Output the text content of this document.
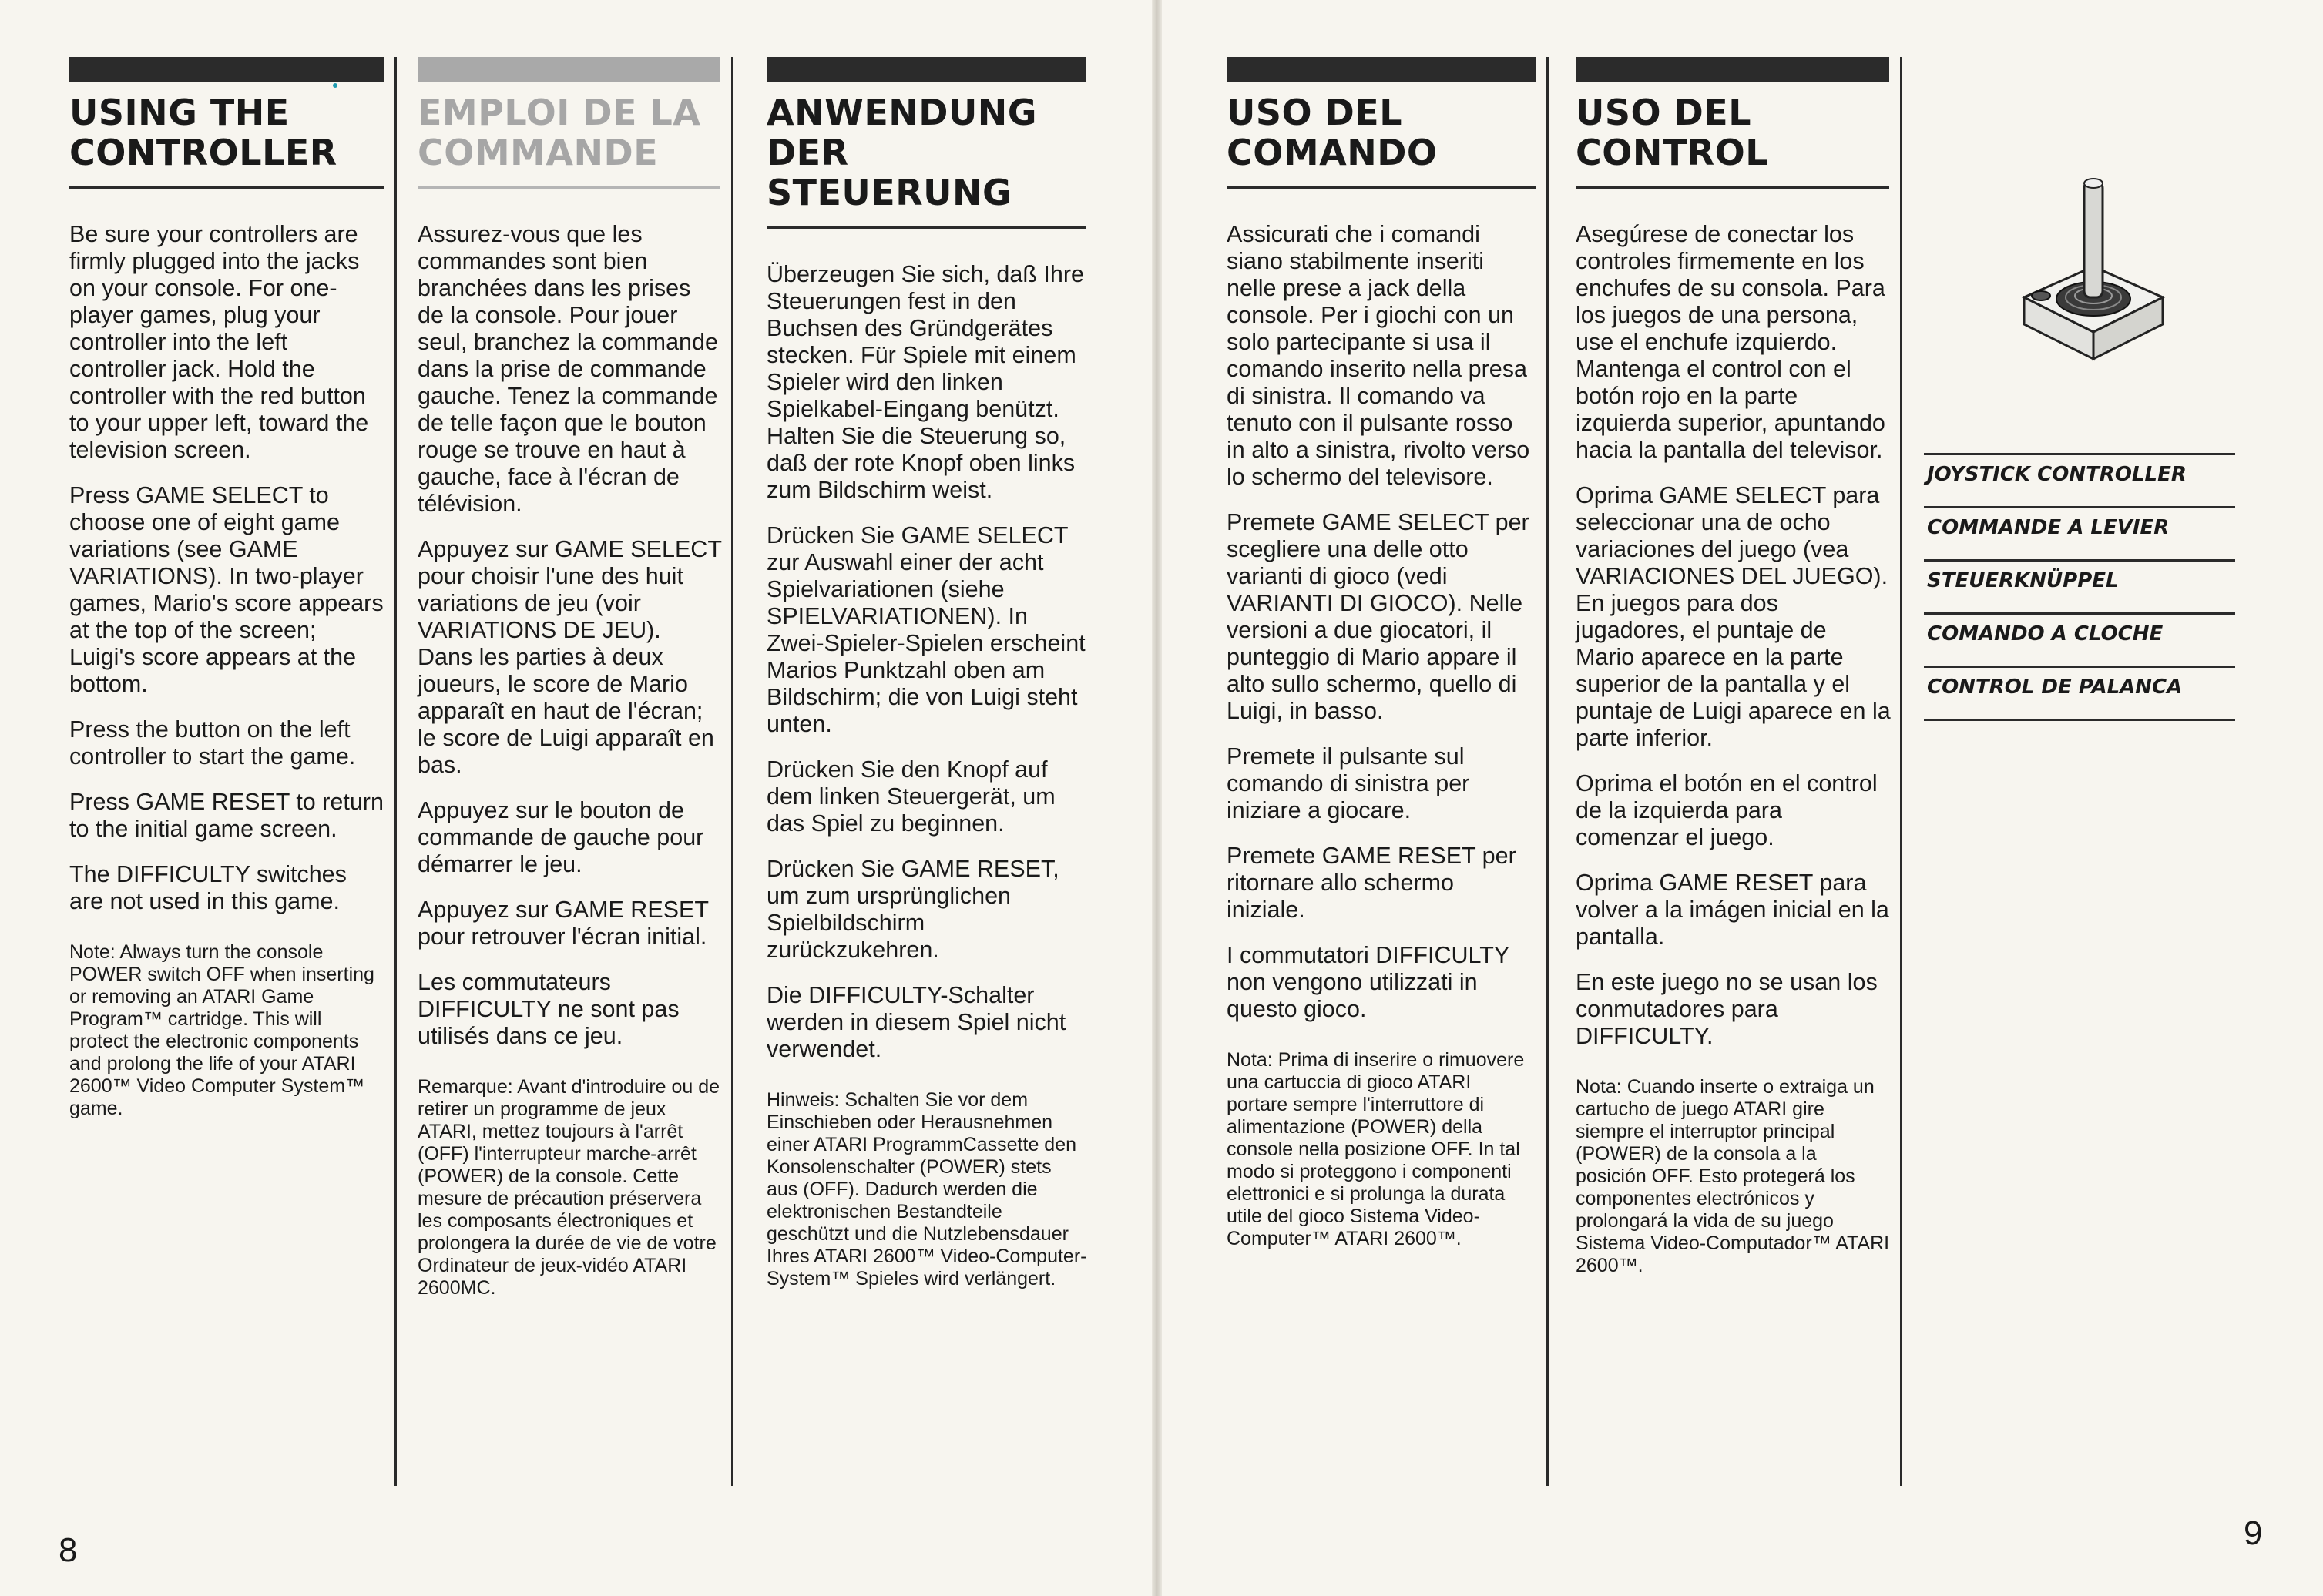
USING THE
CONTROLLER

Be sure your controllers are firmly plugged into the jacks on your console. For one-player games, plug your controller into the left controller jack. Hold the controller with the red button to your upper left, toward the television screen.

Press GAME SELECT to choose one of eight game variations (see GAME VARIATIONS). In two-player games, Mario's score appears at the top of the screen; Luigi's score appears at the bottom.

Press the button on the left controller to start the game.

Press GAME RESET to return to the initial game screen.

The DIFFICULTY switches are not used in this game.

Note: Always turn the console POWER switch OFF when inserting or removing an ATARI Game Program™ cartridge. This will protect the electronic components and prolong the life of your ATARI 2600™ Video Computer System™ game.

EMPLOI DE LA
COMMANDE

Assurez-vous que les commandes sont bien branchées dans les prises de la console. Pour jouer seul, branchez la commande dans la prise de commande gauche. Tenez la commande de telle façon que le bouton rouge se trouve en haut à gauche, face à l'écran de télévision.

Appuyez sur GAME SELECT pour choisir l'une des huit variations de jeu (voir VARIATIONS DE JEU). Dans les parties à deux joueurs, le score de Mario apparaît en haut de l'écran; le score de Luigi apparaît en bas.

Appuyez sur le bouton de commande de gauche pour démarrer le jeu.

Appuyez sur GAME RESET pour retrouver l'écran initial.

Les commutateurs DIFFICULTY ne sont pas utilisés dans ce jeu.

Remarque: Avant d'introduire ou de retirer un programme de jeux ATARI, mettez toujours à l'arrêt (OFF) l'interrupteur marche-arrêt (POWER) de la console. Cette mesure de précaution préservera les composants électroniques et prolongera la durée de vie de votre Ordinateur de jeux-vidéo ATARI 2600MC.

ANWENDUNG
DER STEUERUNG

Überzeugen Sie sich, daß Ihre Steuerungen fest in den Buchsen des Gründgerätes stecken. Für Spiele mit einem Spieler wird den linken Spielkabel-Eingang benützt. Halten Sie die Steuerung so, daß der rote Knopf oben links zum Bildschirm weist.

Drücken Sie GAME SELECT zur Auswahl einer der acht Spielvariationen (siehe SPIELVARIATIONEN). In Zwei-Spieler-Spielen erscheint Marios Punktzahl oben am Bildschirm; die von Luigi steht unten.

Drücken Sie den Knopf auf dem linken Steuergerät, um das Spiel zu beginnen.

Drücken Sie GAME RESET, um zum ursprünglichen Spielbildschirm zurückzukehren.

Die DIFFICULTY-Schalter werden in diesem Spiel nicht verwendet.

Hinweis: Schalten Sie vor dem Einschieben oder Herausnehmen einer ATARI ProgrammCassette den Konsolenschalter (POWER) stets aus (OFF). Dadurch werden die elektronischen Bestandteile geschützt und die Nutzlebensdauer Ihres ATARI 2600™ Video-Computer-System™ Spieles wird verlängert.

8
USO DEL
COMANDO

Assicurati che i comandi siano stabilmente inseriti nelle prese a jack della console. Per i giochi con un solo partecipante si usa il comando inserito nella presa di sinistra. Il comando va tenuto con il pulsante rosso in alto a sinistra, rivolto verso lo schermo del televisore.

Premete GAME SELECT per scegliere una delle otto varianti di gioco (vedi VARIANTI DI GIOCO). Nelle versioni a due giocatori, il punteggio di Mario appare il alto sullo schermo, quello di Luigi, in basso.

Premete il pulsante sul comando di sinistra per iniziare a giocare.

Premete GAME RESET per ritornare allo schermo iniziale.

I commutatori DIFFICULTY non vengono utilizzati in questo gioco.

Nota: Prima di inserire o rimuovere una cartuccia di gioco ATARI portare sempre l'interruttore di alimentazione (POWER) della console nella posizione OFF. In tal modo si proteggono i componenti elettronici e si prolunga la durata utile del gioco Sistema Video-Computer™ ATARI 2600™.

USO DEL
CONTROL

Asegúrese de conectar los controles firmemente en los enchufes de su consola. Para los juegos de una persona, use el enchufe izquierdo. Mantenga el control con el botón rojo en la parte izquierda superior, apuntando hacia la pantalla del televisor.

Oprima GAME SELECT para seleccionar una de ocho variaciones del juego (vea VARIACIONES DEL JUEGO). En juegos para dos jugadores, el puntaje de Mario aparece en la parte superior de la pantalla y el puntaje de Luigi aparece en la parte inferior.

Oprima el botón en el control de la izquierda para comenzar el juego.

Oprima GAME RESET para volver a la imágen inicial en la pantalla.

En este juego no se usan los conmutadores para DIFFICULTY.

Nota: Cuando inserte o extraiga un cartucho de juego ATARI gire siempre el interruptor principal (POWER) de la consola a la posición OFF. Esto protegerá los componentes electrónicos y prolongará la vida de su juego Sistema Video-Computador™ ATARI 2600™.

JOYSTICK CONTROLLER
COMMANDE A LEVIER
STEUERKNÜPPEL
COMANDO A CLOCHE
CONTROL DE PALANCA
9
